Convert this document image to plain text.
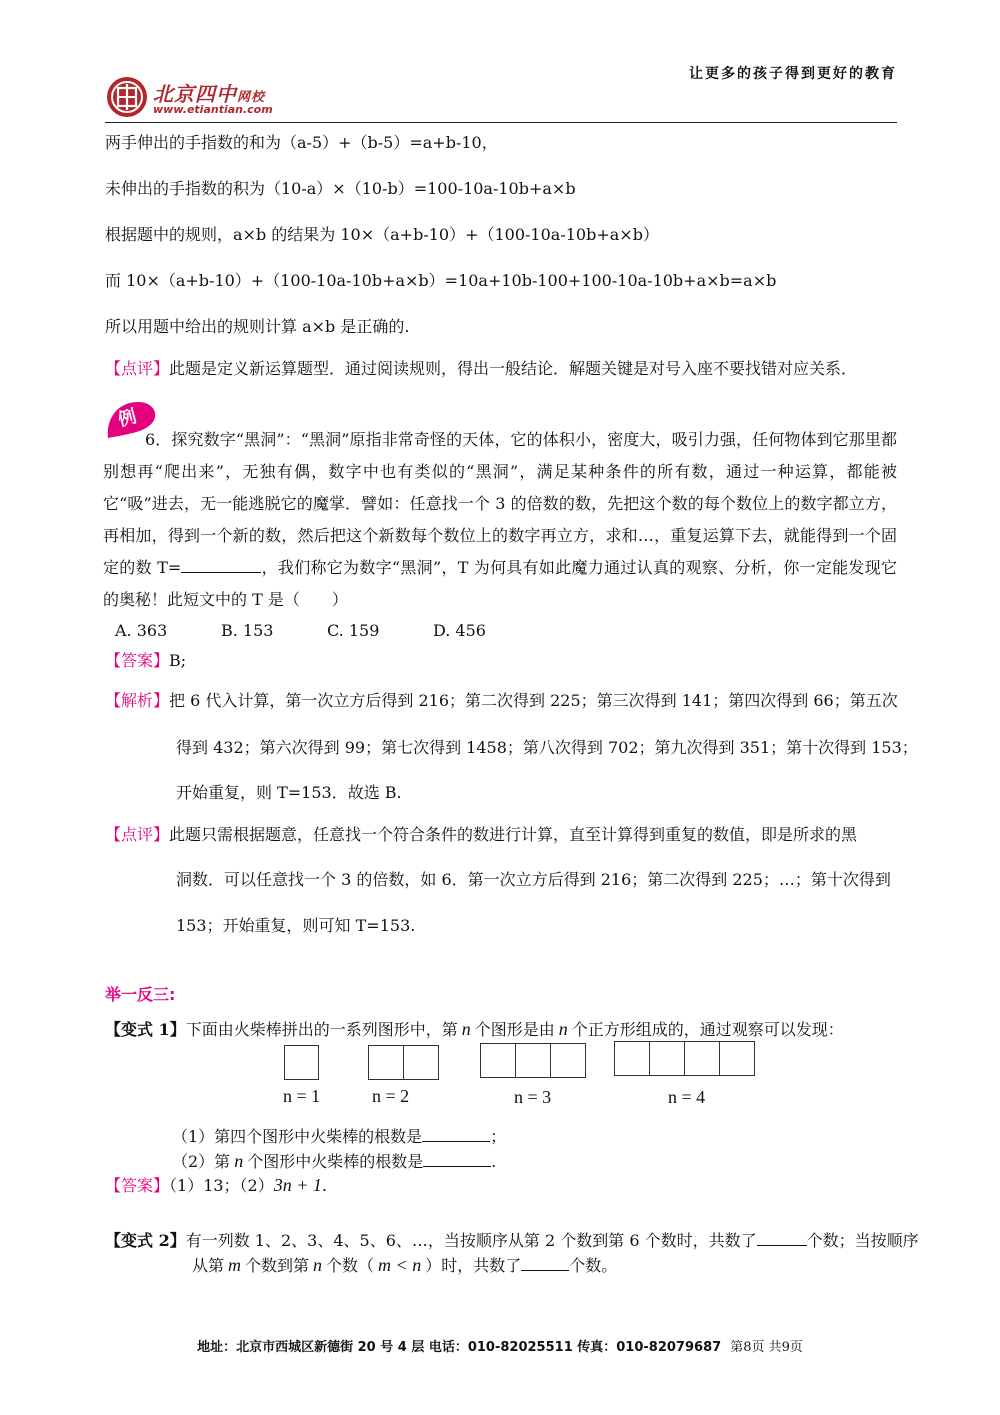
让更多的孩子得到更好的教育
北京四中网校
www.etiantian.com
两手伸出的手指数的和为（a-5）+（b-5）=a+b-10，
未伸出的手指数的积为（10-a）×（10-b）=100-10a-10b+a×b
根据题中的规则，a×b 的结果为 10×（a+b-10）+（100-10a-10b+a×b）
而 10×（a+b-10）+（100-10a-10b+a×b）=10a+10b-100+100-10a-10b+a×b=a×b
所以用题中给出的规则计算 a×b 是正确的.
【点评】此题是定义新运算题型．通过阅读规则，得出一般结论．解题关键是对号入座不要找错对应关系．
例
6．探究数字“黑洞”：“黑洞”原指非常奇怪的天体，它的体积小，密度大，吸引力强，任何物体到它那里都别想再“爬出来”，无独有偶，数字中也有类似的“黑洞”，满足某种条件的所有数，通过一种运算，都能被它“吸”进去，无一能逃脱它的魔掌．譬如：任意找一个 3 的倍数的数，先把这个数的每个数位上的数字都立方，再相加，得到一个新的数，然后把这个新数每个数位上的数字再立方，求和…，重复运算下去，就能得到一个固定的数 T=	，我们称它为数字“黑洞”，T 为何具有如此魔力通过认真的观察、分析，你一定能发现它的奥秘！此短文中的 T 是（　　）
A. 363	B. 153	C. 159	D. 456
【答案】B;
【解析】把 6 代入计算，第一次立方后得到 216；第二次得到 225；第三次得到 141；第四次得到 66；第五次
得到 432；第六次得到 99；第七次得到 1458；第八次得到 702；第九次得到 351；第十次得到 153；
开始重复，则 T=153．故选 B.
【点评】此题只需根据题意，任意找一个符合条件的数进行计算，直至计算得到重复的数值，即是所求的黑
洞数．可以任意找一个 3 的倍数，如 6．第一次立方后得到 216；第二次得到 225；…；第十次得到
153；开始重复，则可知 T=153.
举一反三:
【变式 1】下面由火柴棒拼出的一系列图形中，第 n 个图形是由 n 个正方形组成的，通过观察可以发现：
n = 1	n = 2	n = 3	n = 4
（1）第四个图形中火柴棒的根数是	；
（2）第 n 个图形中火柴棒的根数是	.
【答案】（1）13；（2）3n + 1.
【变式 2】有一列数 1、2、3、4、5、6、…，当按顺序从第 2 个数到第 6 个数时，共数了	个数；当按顺序
从第 m 个数到第 n 个数（ m < n ）时，共数了	个数。
地址：北京市西城区新德街 20 号 4 层 电话：010-82025511 传真：010-82079687 第8页 共9页
